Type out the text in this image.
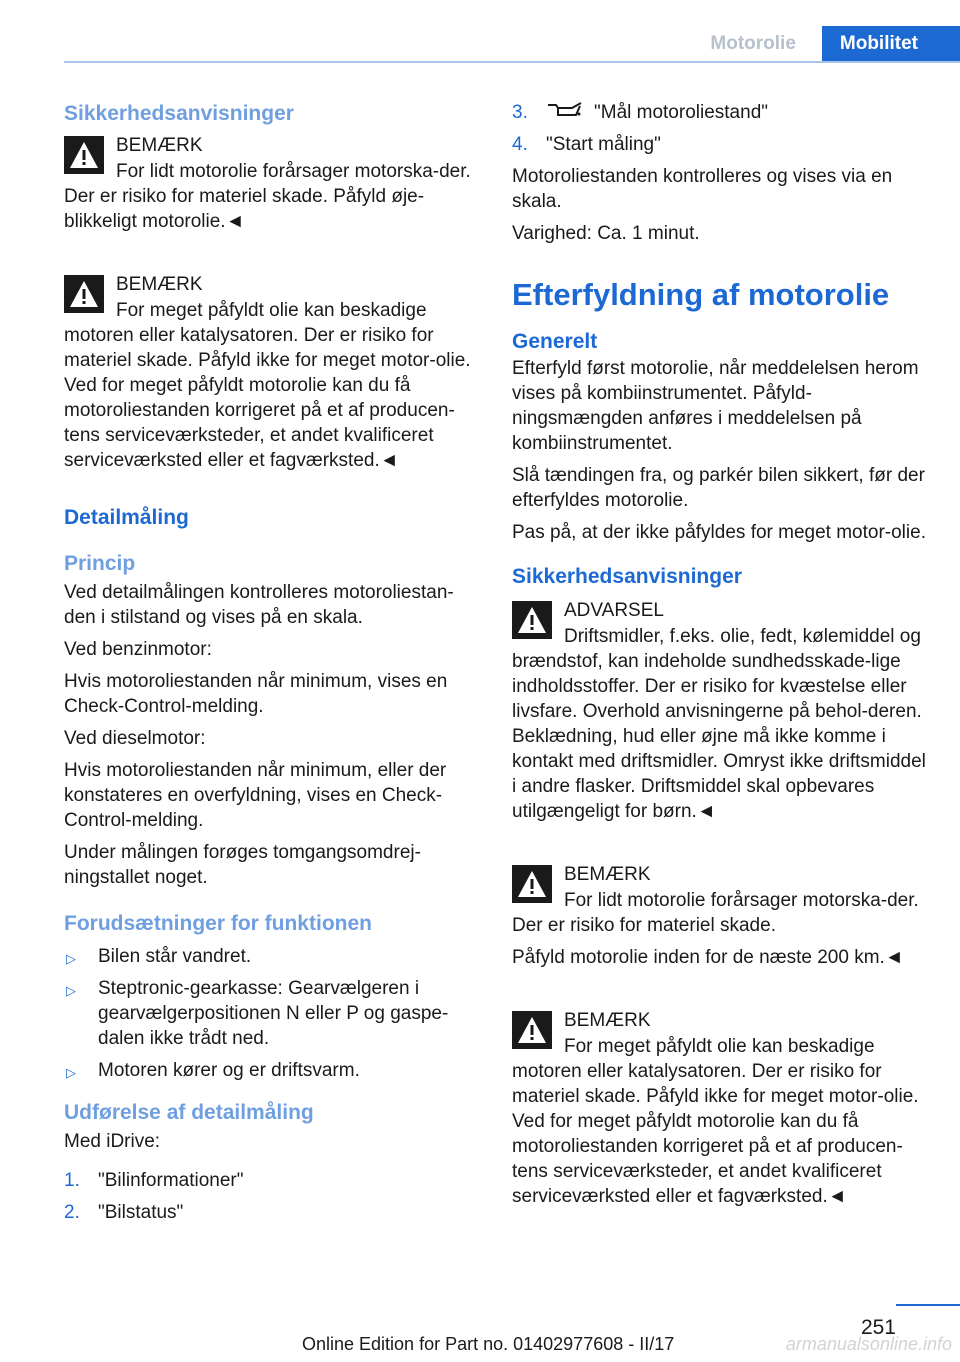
Motorolie	Mobilitet
Sikkerhedsanvisninger
BEMÆRK
For lidt motorolie forårsager motorska-der. Der er risiko for materiel skade. Påfyld øje-blikkeligt motorolie.◄
BEMÆRK
For meget påfyldt olie kan beskadige motoren eller katalysatoren. Der er risiko for materiel skade. Påfyld ikke for meget motor-olie. Ved for meget påfyldt motorolie kan du få motoroliestanden korrigeret på et af producen-tens serviceværksteder, et andet kvalificeret serviceværksted eller et fagværksted.◄
Detailmåling
Princip
Ved detailmålingen kontrolleres motoroliestan-den i stilstand og vises på en skala.
Ved benzinmotor:
Hvis motoroliestanden når minimum, vises en Check-Control-melding.
Ved dieselmotor:
Hvis motoroliestanden når minimum, eller der konstateres en overfyldning, vises en Check-Control-melding.
Under målingen forøges tomgangsomdrej-ningstallet noget.
Forudsætninger for funktionen
▷ Bilen står vandret.
▷ Steptronic-gearkasse: Gearvælgeren i gearvælgerpositionen N eller P og gaspe-dalen ikke trådt ned.
▷ Motoren kører og er driftsvarm.
Udførelse af detailmåling
Med iDrive:
1. "Bilinformationer"
2. "Bilstatus"
3.	"Mål motoroliestand"
4. "Start måling"
Motoroliestanden kontrolleres og vises via en skala.
Varighed: Ca. 1 minut.
Efterfyldning af motorolie
Generelt
Efterfyld først motorolie, når meddelelsen herom vises på kombiinstrumentet. Påfyld-ningsmængden anføres i meddelelsen på kombiinstrumentet.
Slå tændingen fra, og parkér bilen sikkert, før der efterfyldes motorolie.
Pas på, at der ikke påfyldes for meget motor-olie.
Sikkerhedsanvisninger
ADVARSEL
Driftsmidler, f.eks. olie, fedt, kølemiddel og brændstof, kan indeholde sundhedsskade-lige indholdsstoffer. Der er risiko for kvæstelse eller livsfare. Overhold anvisningerne på behol-deren. Beklædning, hud eller øjne må ikke komme i kontakt med driftsmidler. Omryst ikke driftsmiddel i andre flasker. Driftsmiddel skal opbevares utilgængeligt for børn.◄
BEMÆRK
For lidt motorolie forårsager motorska-der. Der er risiko for materiel skade.
Påfyld motorolie inden for de næste 200 km.◄
BEMÆRK
For meget påfyldt olie kan beskadige motoren eller katalysatoren. Der er risiko for materiel skade. Påfyld ikke for meget motor-olie. Ved for meget påfyldt motorolie kan du få motoroliestanden korrigeret på et af producen-tens serviceværksteder, et andet kvalificeret serviceværksted eller et fagværksted.◄
251
Online Edition for Part no. 01402977608 - II/17	armanualsonline.info
